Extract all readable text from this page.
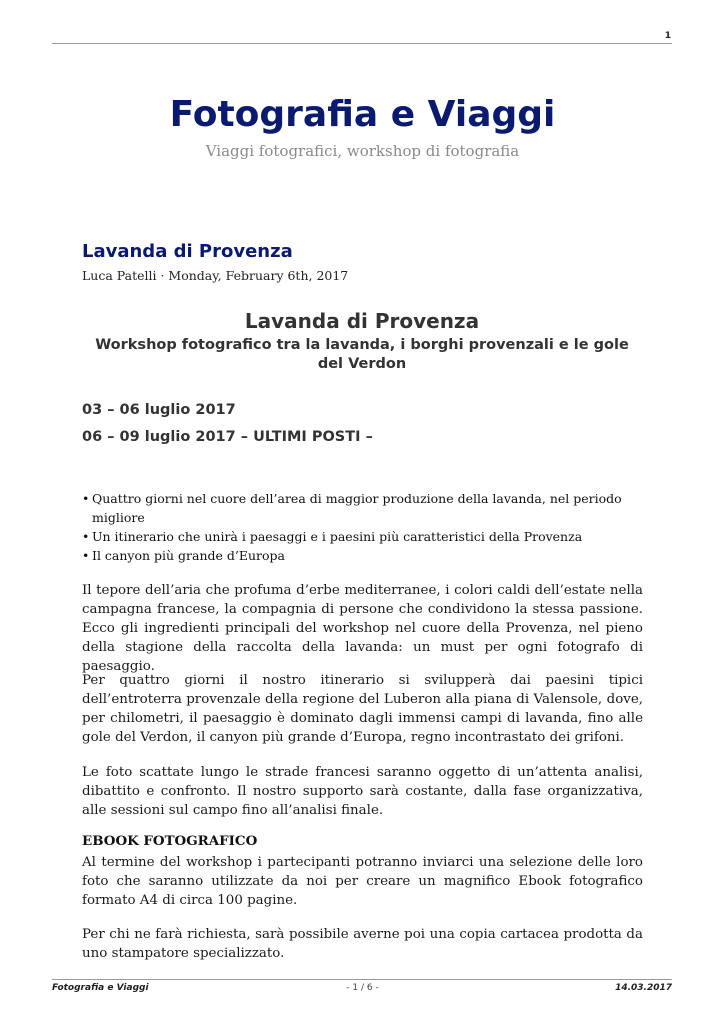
1
Fotografia e Viaggi
Viaggi fotografici, workshop di fotografia
Lavanda di Provenza
Luca Patelli · Monday, February 6th, 2017
Lavanda di Provenza
Workshop fotografico tra la lavanda, i borghi provenzali e le gole del Verdon
03 – 06 luglio 2017
06 – 09 luglio 2017 – ULTIMI POSTI –
• Quattro giorni nel cuore dell’area di maggior produzione della lavanda, nel periodo migliore
• Un itinerario che unirà i paesaggi e i paesini più caratteristici della Provenza
• Il canyon più grande d’Europa

Il tepore dell’aria che profuma d’erbe mediterranee, i colori caldi dell’estate nella campagna francese, la compagnia di persone che condividono la stessa passione. Ecco gli ingredienti principali del workshop nel cuore della Provenza, nel pieno della stagione della raccolta della lavanda: un must per ogni fotografo di paesaggio.

Per quattro giorni il nostro itinerario si svilupperà dai paesini tipici dell’entroterra provenzale della regione del Luberon alla piana di Valensole, dove, per chilometri, il paesaggio è dominato dagli immensi campi di lavanda, fino alle gole del Verdon, il canyon più grande d’Europa, regno incontrastato dei grifoni.

Le foto scattate lungo le strade francesi saranno oggetto di un’attenta analisi, dibattito e confronto. Il nostro supporto sarà costante, dalla fase organizzativa, alle sessioni sul campo fino all’analisi finale.

EBOOK FOTOGRAFICO

Al termine del workshop i partecipanti potranno inviarci una selezione delle loro foto che saranno utilizzate da noi per creare un magnifico Ebook fotografico formato A4 di circa 100 pagine.

Per chi ne farà richiesta, sarà possibile averne poi una copia cartacea prodotta da uno stampatore specializzato.

Fotografia e Viaggi	- 1 / 6 -	14.03.2017
